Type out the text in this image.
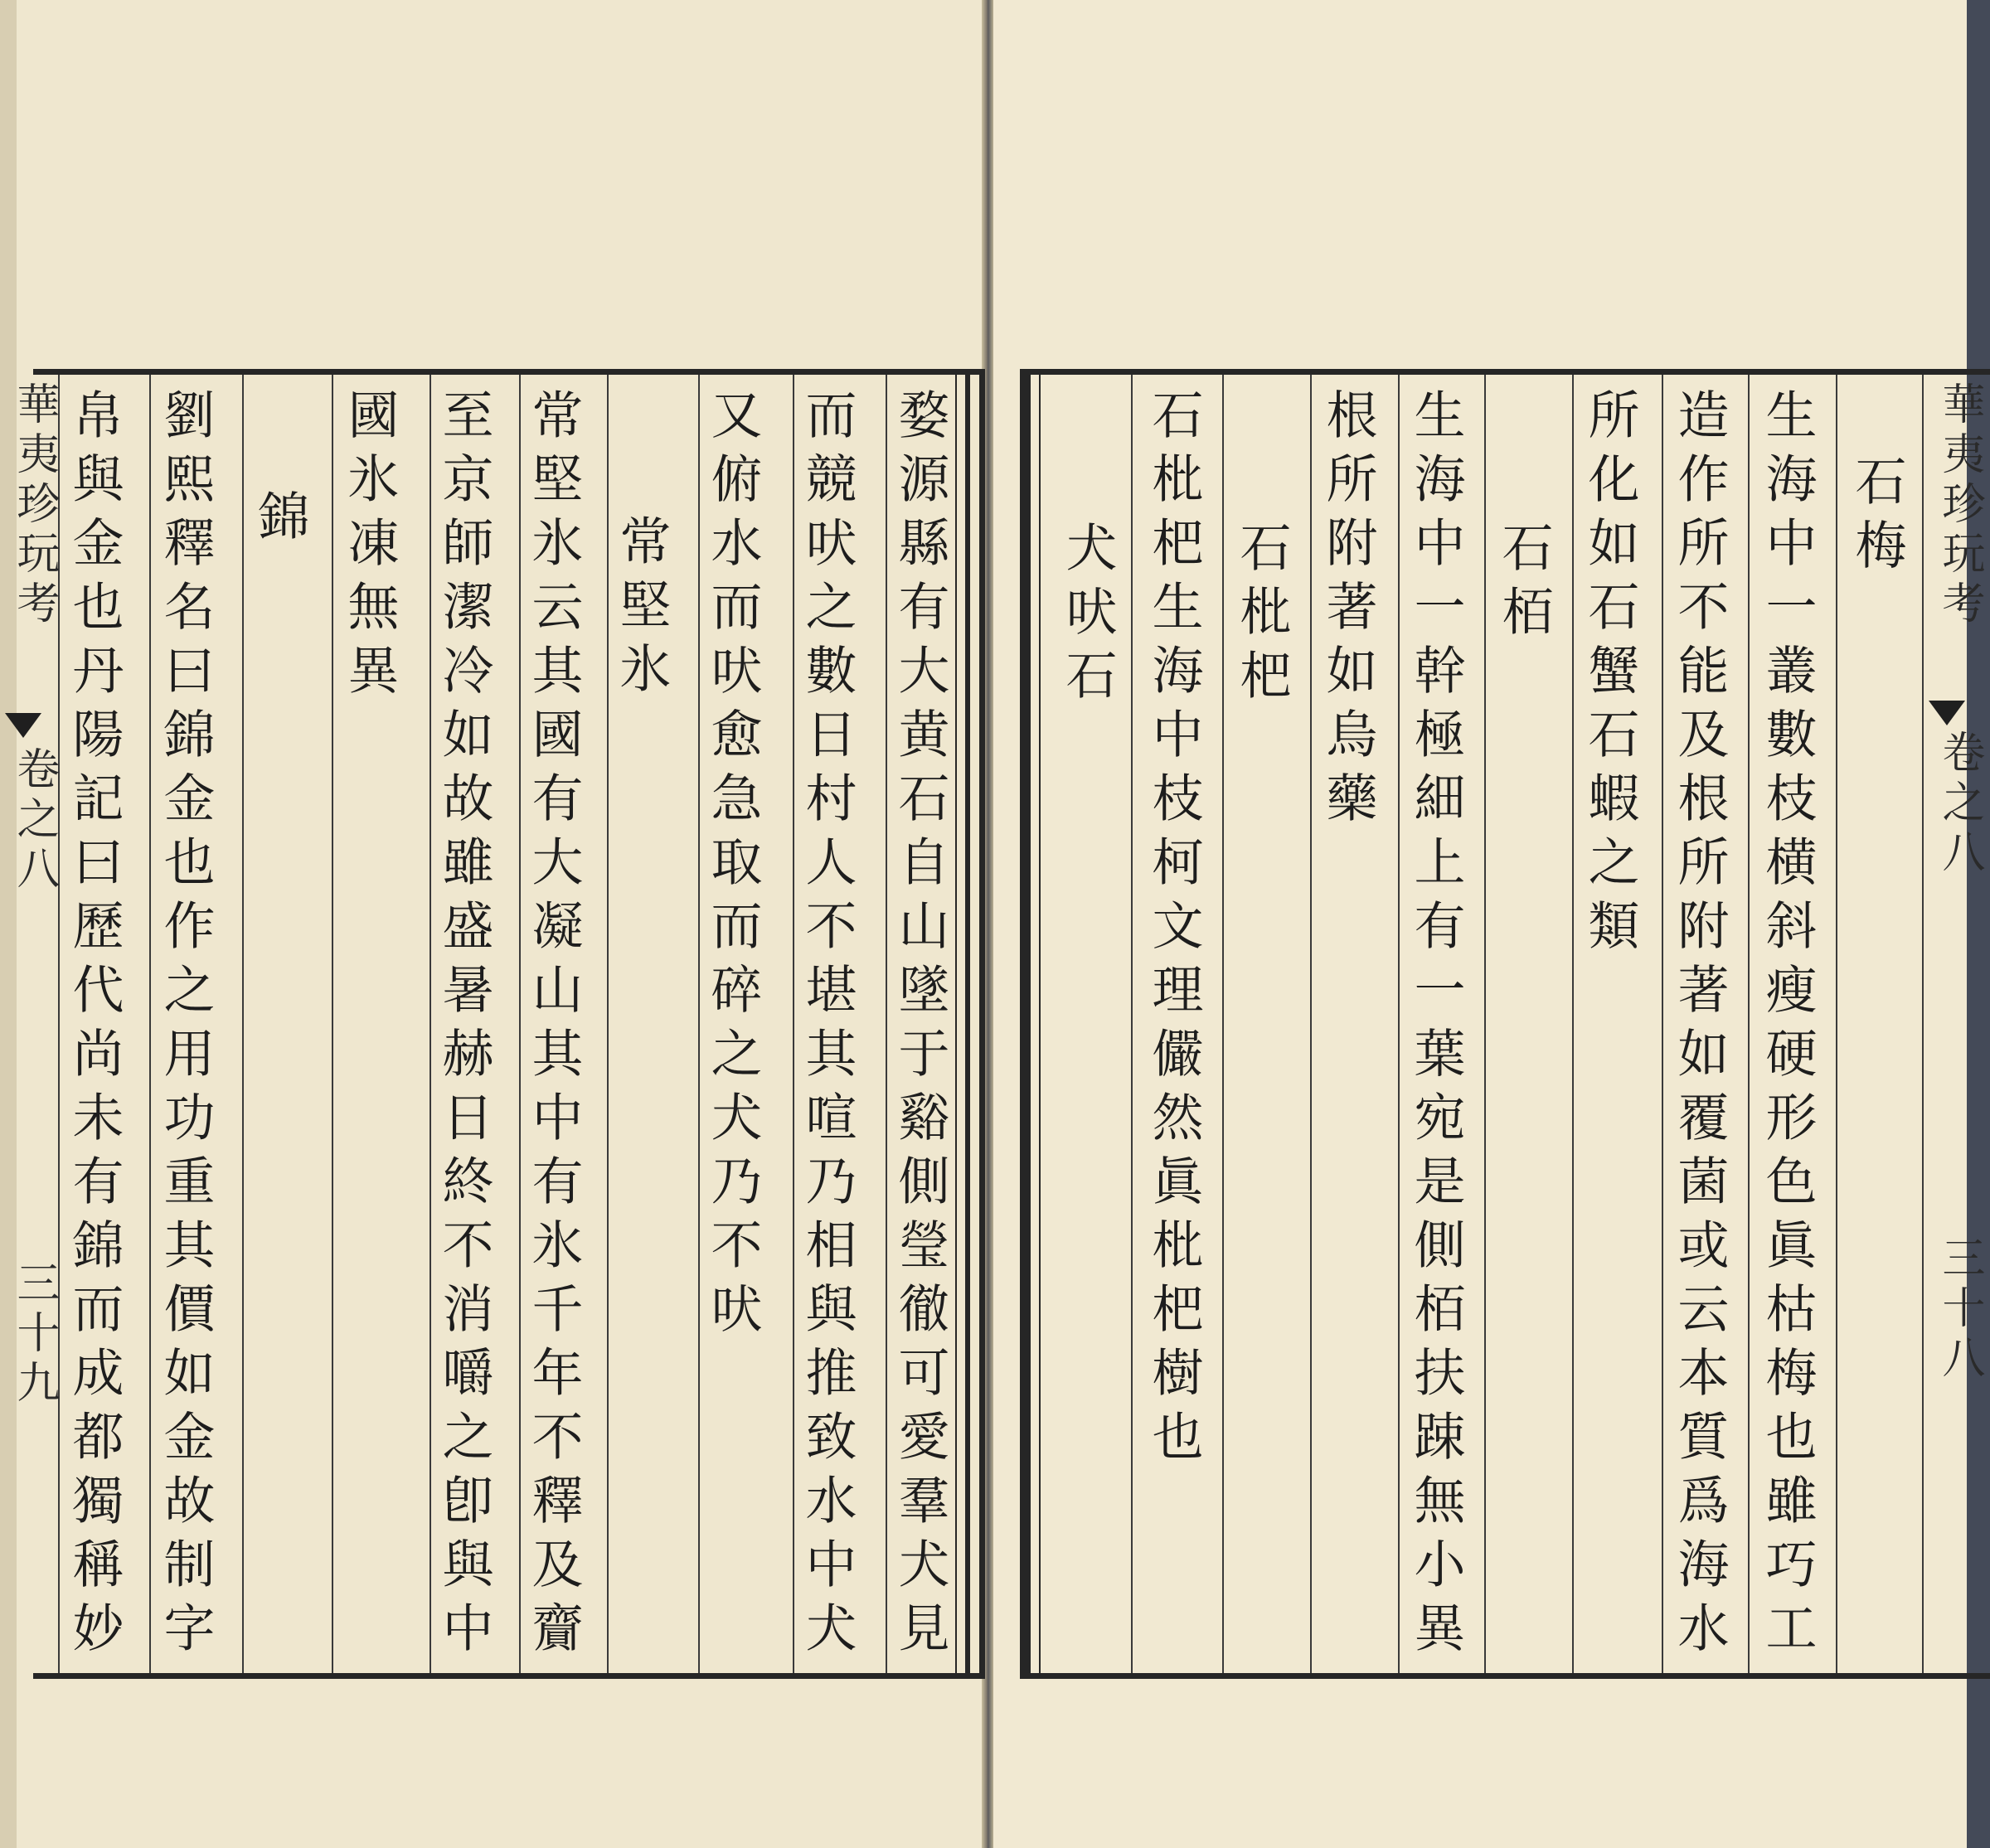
婺源縣有大黄石自山墜于谿側瑩徹可愛羣犬見
而競吠之數日村人不堪其喧乃相與推致水中犬
又俯水而吠愈急取而碎之犬乃不吠
常堅氷
常堅氷云其國有大凝山其中有氷千年不釋及齎
至京師潔冷如故雖盛暑赫日終不消嚼之卽與中
國氷凍無異
錦
劉熙釋名曰錦金也作之用功重其價如金故制字
帛與金也丹陽記曰歷代尚未有錦而成都獨稱妙
華夷珍玩考
卷之八
三十九
石梅
生海中一叢數枝横斜瘦硬形色眞枯梅也雖巧工
造作所不能及根所附著如覆菌或云本質爲海水
所化如石蟹石蝦之類
石栢
生海中一幹極細上有一葉宛是側栢扶踈無小異
根所附著如烏藥
石枇杷
石枇杷生海中枝柯文理儼然眞枇杷樹也
犬吠石	華夷珍玩考
卷之八
三十八
